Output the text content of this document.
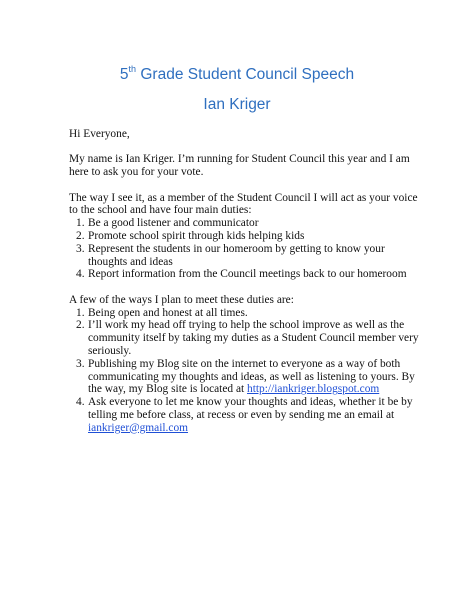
5th Grade Student Council Speech
Ian Kriger

Hi Everyone,

My name is Ian Kriger. I’m running for Student Council this year and I am here to ask you for your vote.

The way I see it, as a member of the Student Council I will act as your voice to the school and have four main duties:

1. Be a good listener and communicator
2. Promote school spirit through kids helping kids
3. Represent the students in our homeroom by getting to know your thoughts and ideas
4. Report information from the Council meetings back to our homeroom

A few of the ways I plan to meet these duties are:

1. Being open and honest at all times.
2. I’ll work my head off trying to help the school improve as well as the community itself by taking my duties as a Student Council member very seriously.
3. Publishing my Blog site on the internet to everyone as a way of both communicating my thoughts and ideas, as well as listening to yours. By the way, my Blog site is located at http://iankriger.blogspot.com
4. Ask everyone to let me know your thoughts and ideas, whether it be by telling me before class, at recess or even by sending me an email at iankriger@gmail.com
